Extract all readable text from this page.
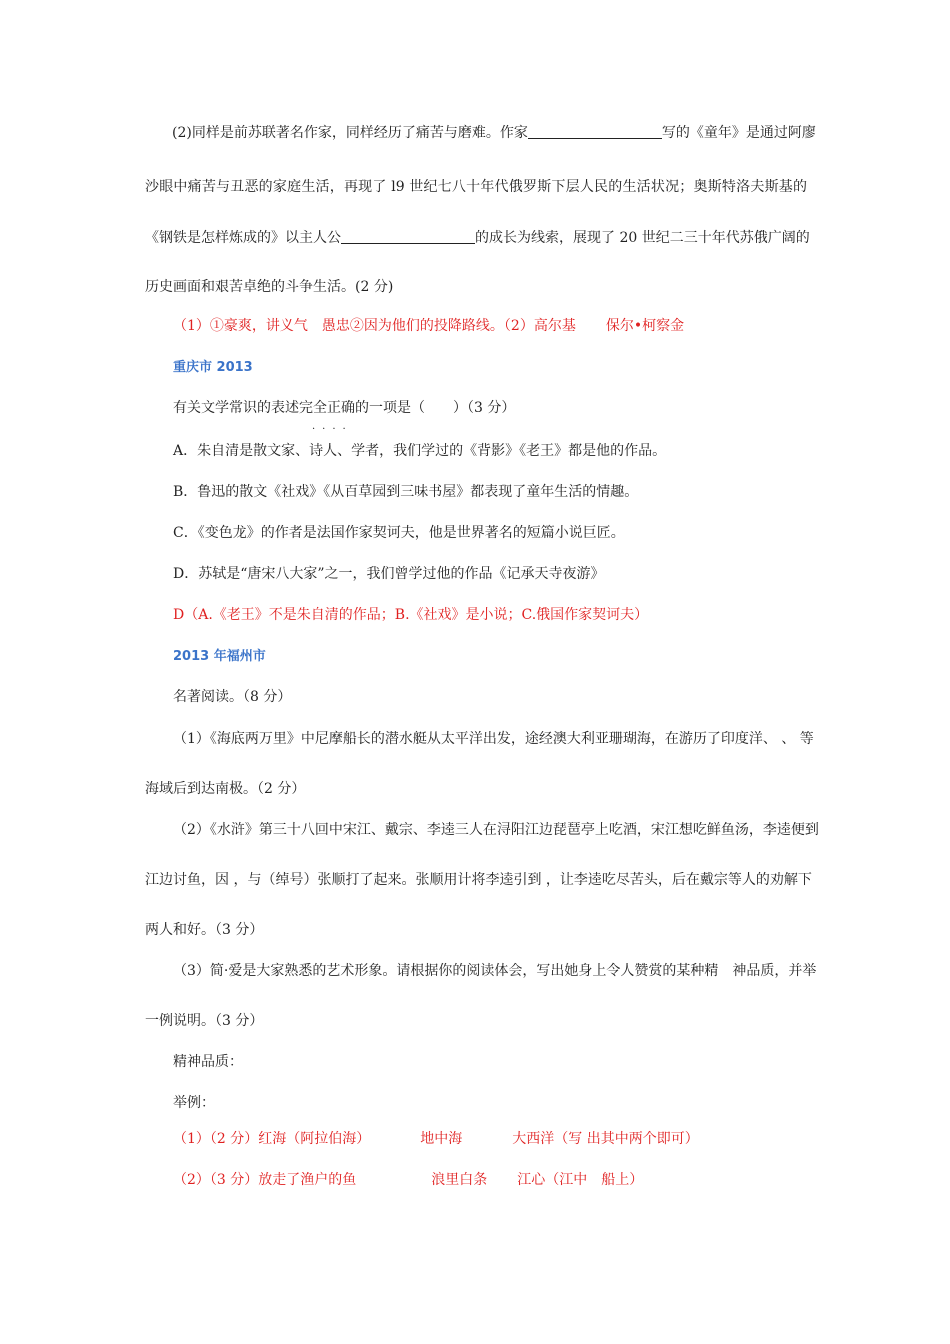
(2)同样是前苏联著名作家，同样经历了痛苦与磨难。作家	写的《童年》是通过阿廖
沙眼中痛苦与丑恶的家庭生活，再现了 l9 世纪七八十年代俄罗斯下层人民的生活状况；奥斯特洛夫斯基的
《钢铁是怎样炼成的》以主人公	的成长为线索，展现了 20 世纪二三十年代苏俄广阔的
历史画面和艰苦卓绝的斗争生活。(2 分)
（1）①豪爽，讲义气　愚忠②因为他们的投降路线。（2）高尔基 保尔•柯察金
重庆市 2013
有关文学常识的表述完全正确的一项是（　　）（3 分）
....
A．朱自清是散文家、诗人、学者，我们学过的《背影》《老王》都是他的作品。
B．鲁迅的散文《社戏》《从百草园到三味书屋》都表现了童年生活的情趣。
C．《变色龙》的作者是法国作家契诃夫，他是世界著名的短篇小说巨匠。
D．苏轼是“唐宋八大家”之一，我们曾学过他的作品《记承天寺夜游》
D（A.《老王》不是朱自清的作品；B.《社戏》是小说；C.俄国作家契诃夫）
2013 年福州市
名著阅读。（8 分）
（1）《海底两万里》中尼摩船长的潜水艇从太平洋出发，途经澳大利亚珊瑚海，在游历了印度洋、 、 等
海域后到达南极。（2 分）
（2）《水浒》第三十八回中宋江、戴宗、李逵三人在浔阳江边琵琶亭上吃酒，宋江想吃鲜鱼汤，李逵便到
江边讨鱼，因 ，与（绰号）张顺打了起来。张顺用计将李逵引到 ，让李逵吃尽苦头，后在戴宗等人的劝解下
两人和好。（3 分）
（3）简·爱是大家熟悉的艺术形象。请根据你的阅读体会，写出她身上令人赞赏的某种精　神品质，并举
一例说明。（3 分）
精神品质：
举例：
（1）（2 分）红海（阿拉伯海）	地中海	大西洋（写 出其中两个即可）
（2）（3 分）放走了渔户的鱼	浪里白条 江心（江中　船上）
